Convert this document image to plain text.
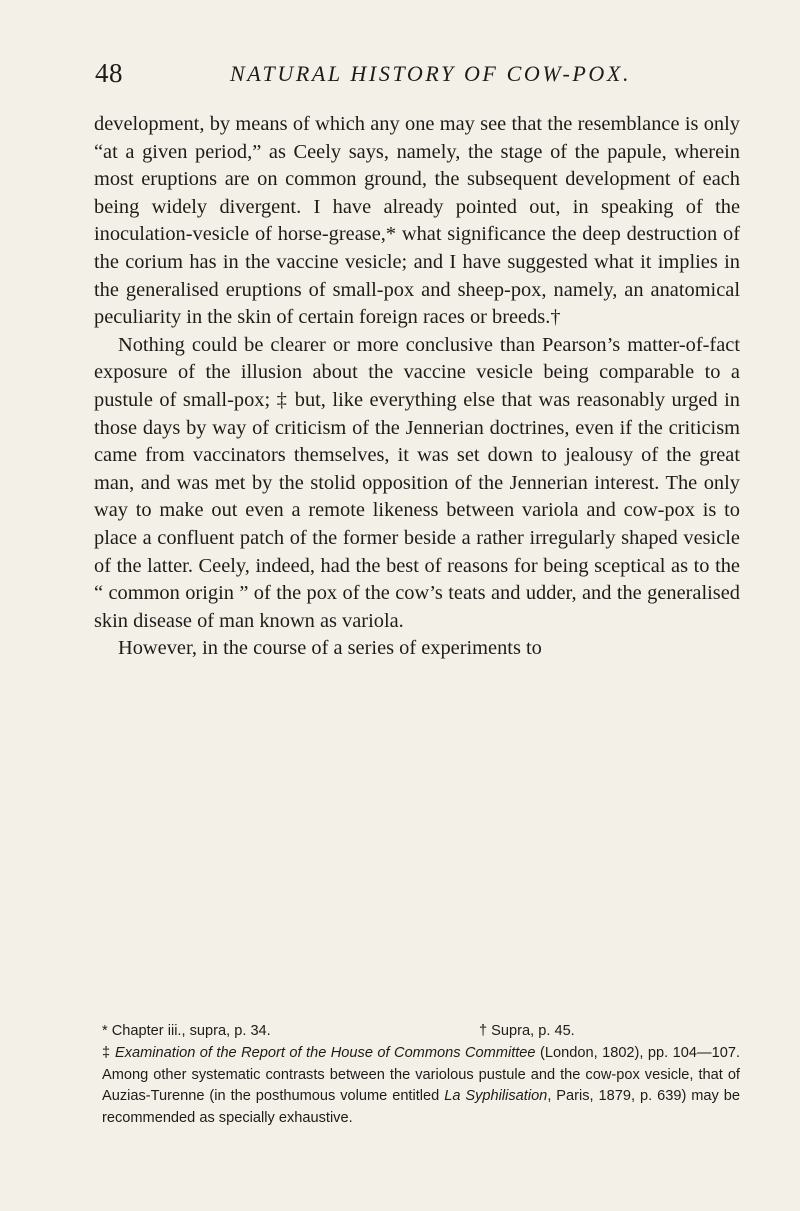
48	NATURAL HISTORY OF COW-POX.

development, by means of which any one may see that the resemblance is only “at a given period,” as Ceely says, namely, the stage of the papule, wherein most eruptions are on common ground, the subsequent development of each being widely divergent. I have already pointed out, in speaking of the inoculation-vesicle of horse-grease,* what significance the deep destruction of the corium has in the vaccine vesicle; and I have suggested what it implies in the generalised eruptions of small-pox and sheep-pox, namely, an anatomical peculiarity in the skin of certain foreign races or breeds.†

Nothing could be clearer or more conclusive than Pearson’s matter-of-fact exposure of the illusion about the vaccine vesicle being comparable to a pustule of small-pox; ‡ but, like everything else that was reasonably urged in those days by way of criticism of the Jennerian doctrines, even if the criticism came from vaccinators themselves, it was set down to jealousy of the great man, and was met by the stolid opposition of the Jennerian interest. The only way to make out even a remote likeness between variola and cow-pox is to place a confluent patch of the former beside a rather irregularly shaped vesicle of the latter. Ceely, indeed, had the best of reasons for being sceptical as to the “ common origin ” of the pox of the cow’s teats and udder, and the generalised skin disease of man known as variola.

However, in the course of a series of experiments to

* Chapter iii., supra, p. 34.	† Supra, p. 45.
‡ Examination of the Report of the House of Commons Committee (London, 1802), pp. 104—107. Among other systematic contrasts between the variolous pustule and the cow-pox vesicle, that of Auzias-Turenne (in the posthumous volume entitled La Syphilisation, Paris, 1879, p. 639) may be recommended as specially exhaustive.
